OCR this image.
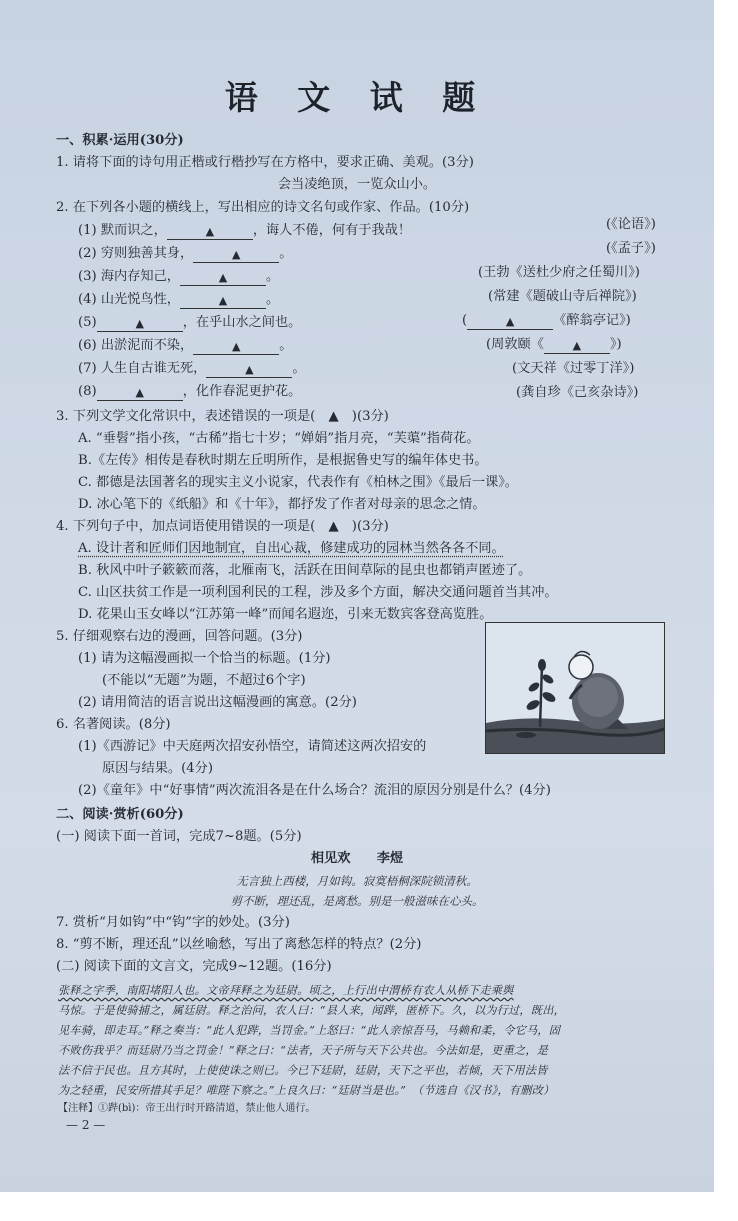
语 文 试 题
一、积累·运用(30分)
1. 请将下面的诗句用正楷或行楷抄写在方格中，要求正确、美观。(3分)
会当凌绝顶，一览众山小。
2. 在下列各小题的横线上，写出相应的诗文名句或作家、作品。(10分)
(1) 默而识之，	▲	，诲人不倦，何有于我哉！	(《论语》)
(2) 穷则独善其身，	▲	。	(《孟子》)
(3) 海内存知己，	▲	。	(王勃《送杜少府之任蜀川》)
(4) 山光悦鸟性，	▲	。	(常建《题破山寺后禅院》)
(5)	▲	，在乎山水之间也。	(	▲	《醉翁亭记》)
(6) 出淤泥而不染，	▲	。	(周敦颐《	▲ 》)
(7) 人生自古谁无死，	▲	。	(文天祥《过零丁洋》)
(8)	▲	，化作春泥更护花。	(龚自珍《己亥杂诗》)
3. 下列文学文化常识中，表述错误的一项是(　▲　)(3分)
A. “垂髫”指小孩，“古稀”指七十岁；“婵娟”指月亮，“芙蕖”指荷花。
B.《左传》相传是春秋时期左丘明所作，是根据鲁史写的编年体史书。
C. 都德是法国著名的现实主义小说家，代表作有《柏林之围》《最后一课》。
D. 冰心笔下的《纸船》和《十年》，都抒发了作者对母亲的思念之情。
4. 下列句子中，加点词语使用错误的一项是(　▲　)(3分)
A. 设计者和匠师们因地制宜，自出心裁，修建成功的园林当然各各不同。
B. 秋风中叶子簌簌而落，北雁南飞，活跃在田间草际的昆虫也都销声匿迹了。
C. 山区扶贫工作是一项利国利民的工程，涉及多个方面，解决交通问题首当其冲。
D. 花果山玉女峰以“江苏第一峰”而闻名遐迩，引来无数宾客登高览胜。
5. 仔细观察右边的漫画，回答问题。(3分)
(1) 请为这幅漫画拟一个恰当的标题。(1分)
(不能以“无题”为题，不超过6个字)
(2) 请用简洁的语言说出这幅漫画的寓意。(2分)
6. 名著阅读。(8分)
(1)《西游记》中天庭两次招安孙悟空，请简述这两次招安的
原因与结果。(4分)
(2)《童年》中“好事情”两次流泪各是在什么场合？流泪的原因分别是什么？(4分)
二、阅读·赏析(60分)
(一) 阅读下面一首词，完成7~8题。(5分)
相见欢　　李煜
无言独上西楼，月如钩。寂寞梧桐深院锁清秋。
剪不断，理还乱，是离愁。别是一般滋味在心头。
7. 赏析“月如钩”中“钩”字的妙处。(3分)
8. “剪不断，理还乱”以丝喻愁，写出了离愁怎样的特点？(2分)
(二) 阅读下面的文言文，完成9~12题。(16分)
张释之字季，南阳堵阳人也。文帝拜释之为廷尉。顷之，上行出中渭桥有农人从桥下走乘舆
马惊。于是使骑捕之，属廷尉。释之治问，农人曰：“县人来，闻跸，匿桥下。久，以为行过，既出，
见车骑，即走耳。”释之奏当：“此人犯跸，当罚金。”上怒曰：“此人亲惊吾马，马赖和柔，令它马，固
不败伤我乎？而廷尉乃当之罚金！”释之曰：“法者，天子所与天下公共也。今法如是，更重之，是
法不信于民也。且方其时，上使使诛之则已。今已下廷尉，廷尉，天下之平也，若倾，天下用法皆
为之轻重，民安所措其手足？唯陛下察之。”上良久曰：“廷尉当是也。”　（节选自《汉书》，有删改）
【注释】①跸(bì)：帝王出行时开路清道，禁止他人通行。
— 2 —
